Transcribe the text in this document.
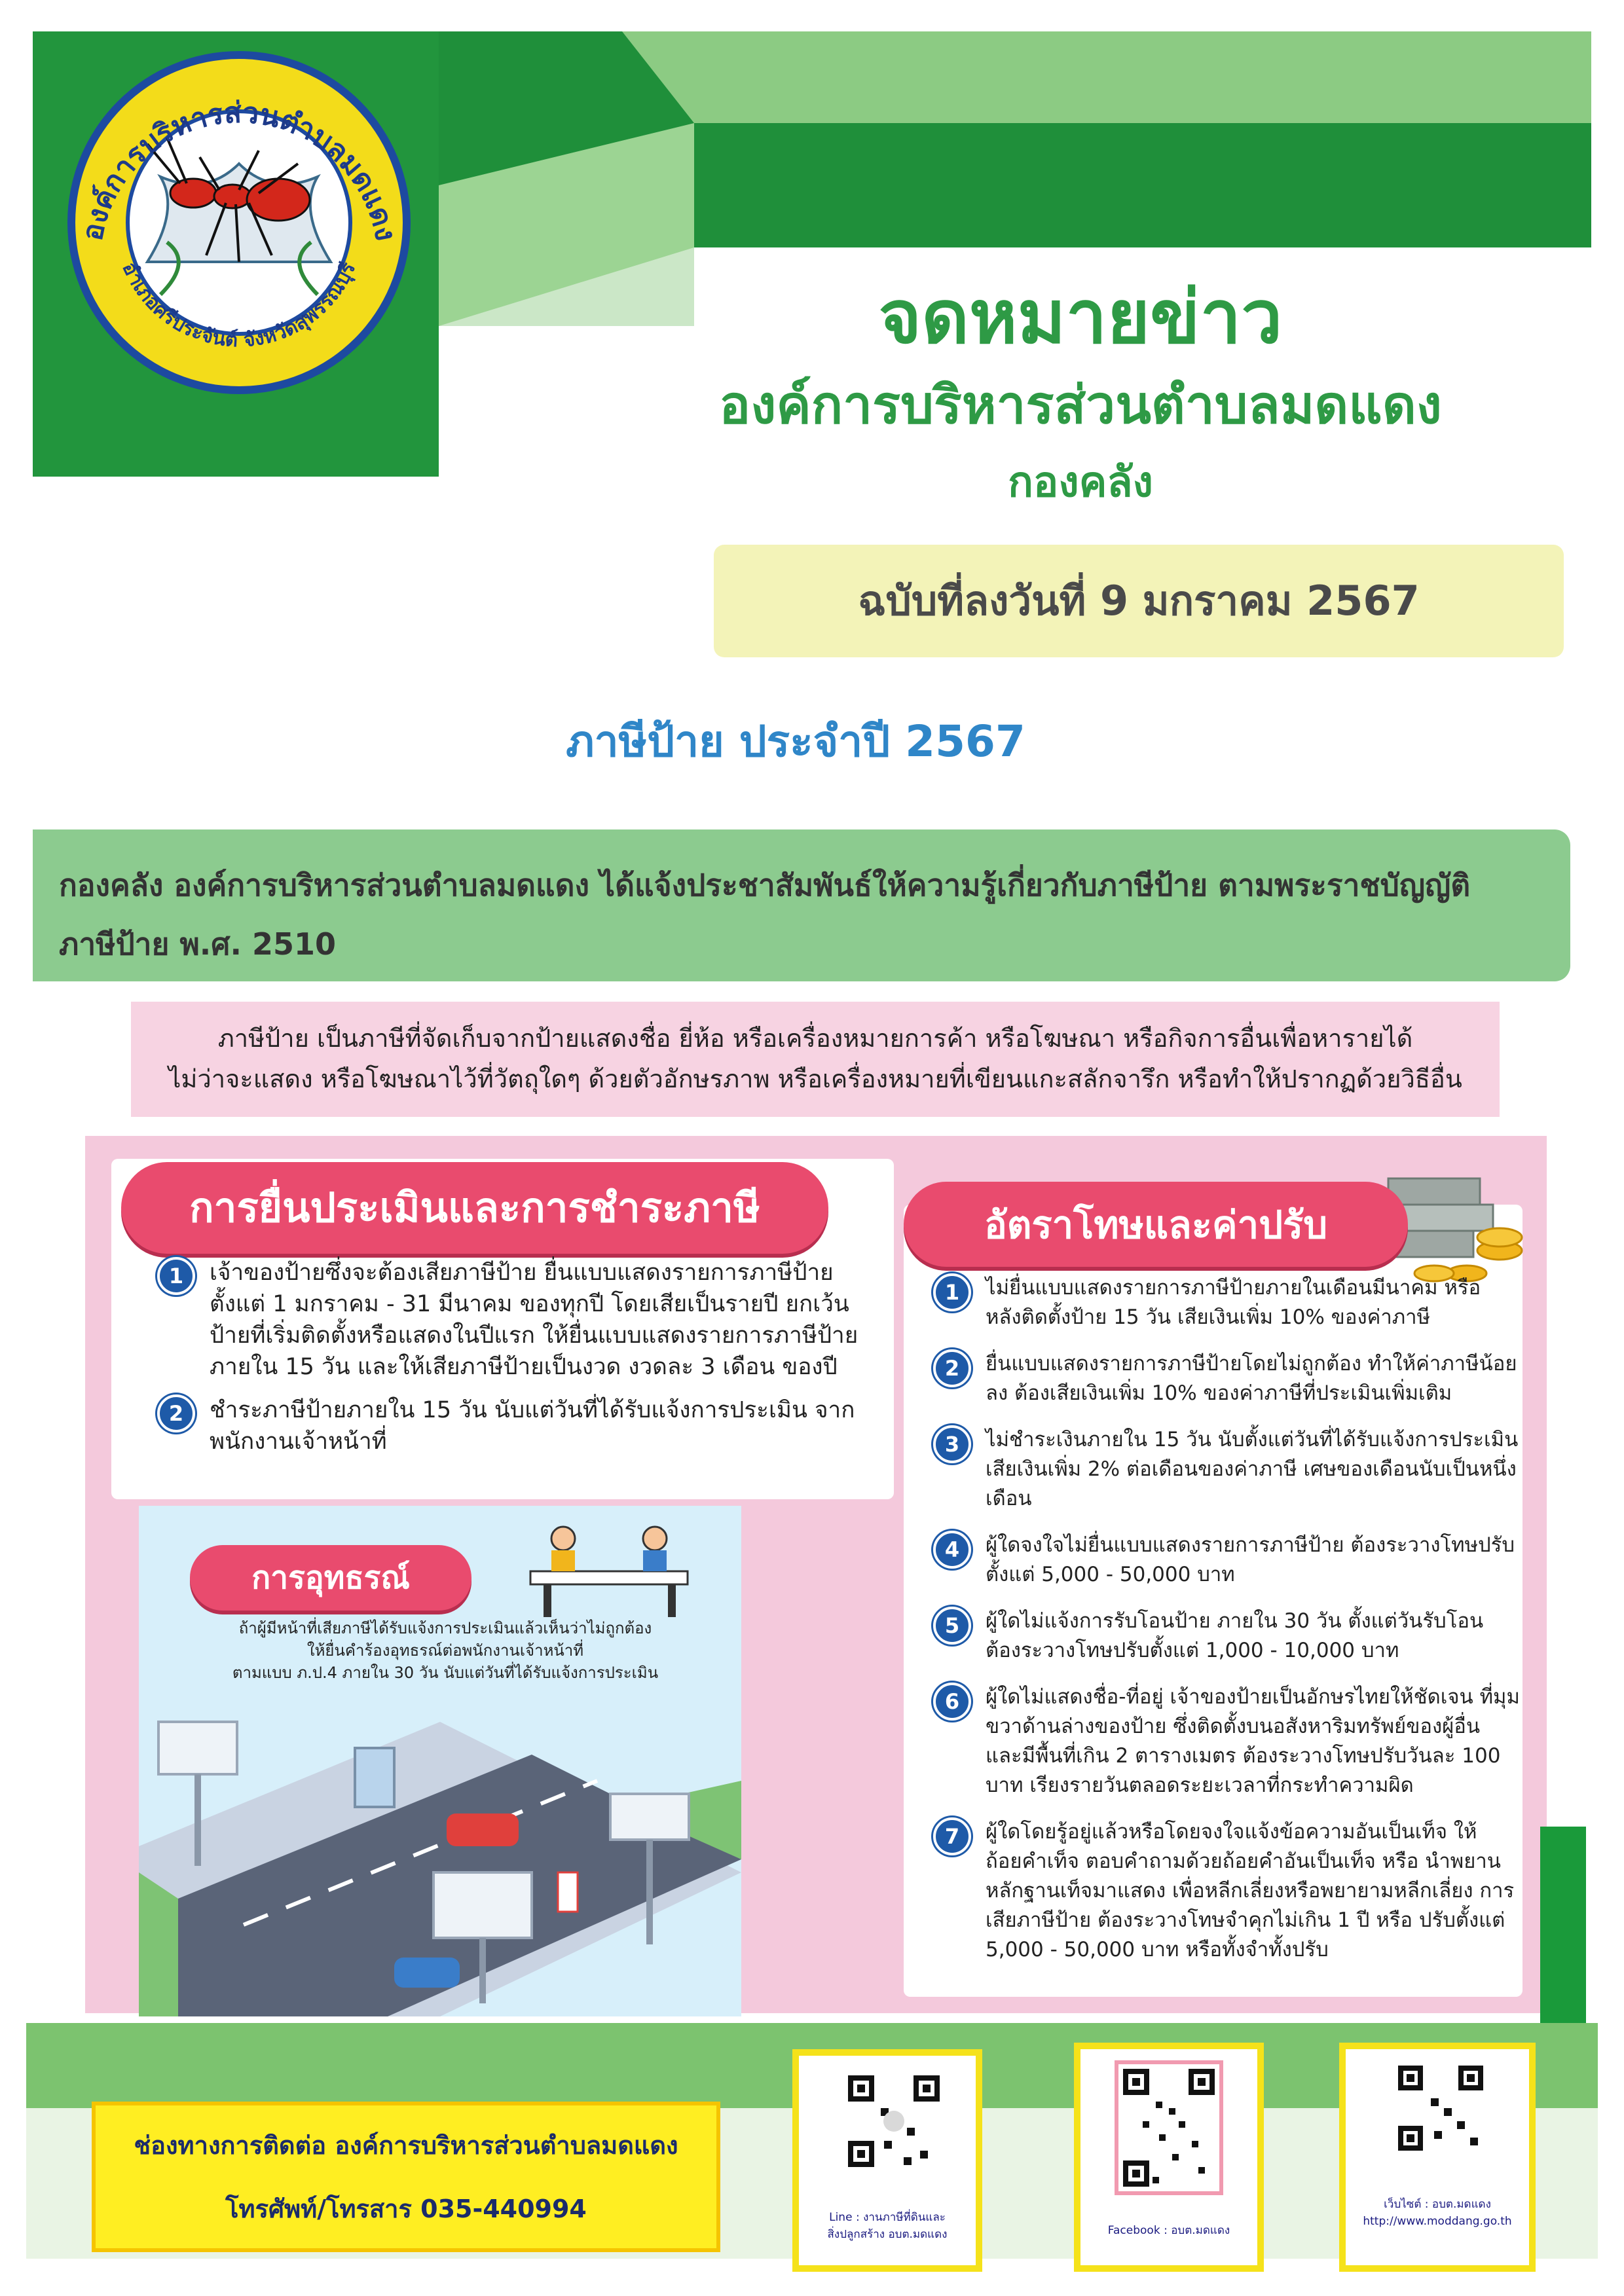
องค์การบริหารส่วนตำบลมดแดง
อำเภอศรีประจันต์ จังหวัดสุพรรณบุรี
จดหมายข่าว
องค์การบริหารส่วนตำบลมดแดง
กองคลัง
ฉบับที่ลงวันที่ 9 มกราคม 2567
ภาษีป้าย ประจำปี 2567
กองคลัง องค์การบริหารส่วนตำบลมดแดง ได้แจ้งประชาสัมพันธ์ให้ความรู้เกี่ยวกับภาษีป้าย ตามพระราชบัญญัติ
ภาษีป้าย พ.ศ. 2510
ภาษีป้าย เป็นภาษีที่จัดเก็บจากป้ายแสดงชื่อ ยี่ห้อ หรือเครื่องหมายการค้า หรือโฆษณา หรือกิจการอื่นเพื่อหารายได้
ไม่ว่าจะแสดง หรือโฆษณาไว้ที่วัตถุใดๆ ด้วยตัวอักษรภาพ หรือเครื่องหมายที่เขียนแกะสลักจารึก หรือทำให้ปรากฏด้วยวิธีอื่น
การยื่นประเมินและการชำระภาษี
1	เจ้าของป้ายซึ่งจะต้องเสียภาษีป้าย ยื่นแบบแสดงรายการภาษีป้าย ตั้งแต่ 1 มกราคม - 31 มีนาคม ของทุกปี โดยเสียเป็นรายปี ยกเว้น ป้ายที่เริ่มติดตั้งหรือแสดงในปีแรก ให้ยื่นแบบแสดงรายการภาษีป้าย ภายใน 15 วัน และให้เสียภาษีป้ายเป็นงวด งวดละ 3 เดือน ของปี
2	ชำระภาษีป้ายภายใน 15 วัน นับแต่วันที่ได้รับแจ้งการประเมิน จากพนักงานเจ้าหน้าที่
อัตราโทษและค่าปรับ
1	ไม่ยื่นแบบแสดงรายการภาษีป้ายภายในเดือนมีนาคม หรือ หลังติดตั้งป้าย 15 วัน เสียเงินเพิ่ม 10% ของค่าภาษี
2	ยื่นแบบแสดงรายการภาษีป้ายโดยไม่ถูกต้อง ทำให้ค่าภาษีน้อยลง ต้องเสียเงินเพิ่ม 10% ของค่าภาษีที่ประเมินเพิ่มเติม
3	ไม่ชำระเงินภายใน 15 วัน นับตั้งแต่วันที่ได้รับแจ้งการประเมิน เสียเงินเพิ่ม 2% ต่อเดือนของค่าภาษี เศษของเดือนนับเป็นหนึ่งเดือน
4	ผู้ใดจงใจไม่ยื่นแบบแสดงรายการภาษีป้าย ต้องระวางโทษปรับตั้งแต่ 5,000 - 50,000 บาท
5	ผู้ใดไม่แจ้งการรับโอนป้าย ภายใน 30 วัน ตั้งแต่วันรับโอน ต้องระวางโทษปรับตั้งแต่ 1,000 - 10,000 บาท
6	ผู้ใดไม่แสดงชื่อ-ที่อยู่ เจ้าของป้ายเป็นอักษรไทยให้ชัดเจน ที่มุมขวาด้านล่างของป้าย ซึ่งติดตั้งบนอสังหาริมทรัพย์ของผู้อื่น และมีพื้นที่เกิน 2 ตารางเมตร ต้องระวางโทษปรับวันละ 100 บาท เรียงรายวันตลอดระยะเวลาที่กระทำความผิด
7	ผู้ใดโดยรู้อยู่แล้วหรือโดยจงใจแจ้งข้อความอันเป็นเท็จ ให้ถ้อยคำเท็จ ตอบคำถามด้วยถ้อยคำอันเป็นเท็จ หรือ นำพยานหลักฐานเท็จมาแสดง เพื่อหลีกเลี่ยงหรือพยายามหลีกเลี่ยง การเสียภาษีป้าย ต้องระวางโทษจำคุกไม่เกิน 1 ปี หรือ ปรับตั้งแต่ 5,000 - 50,000 บาท หรือทั้งจำทั้งปรับ
การอุทธรณ์
ถ้าผู้มีหน้าที่เสียภาษีได้รับแจ้งการประเมินแล้วเห็นว่าไม่ถูกต้อง
ให้ยื่นคำร้องอุทธรณ์ต่อพนักงานเจ้าหน้าที่
ตามแบบ ภ.ป.4 ภายใน 30 วัน นับแต่วันที่ได้รับแจ้งการประเมิน
ช่องทางการติดต่อ องค์การบริหารส่วนตำบลมดแดง
โทรศัพท์/โทรสาร 035-440994	Line : งานภาษีที่ดินและ
สิ่งปลูกสร้าง อบต.มดแดง	Facebook : อบต.มดแดง
เว็บไซต์ : อบต.มดแดง
http://www.moddang.go.th
